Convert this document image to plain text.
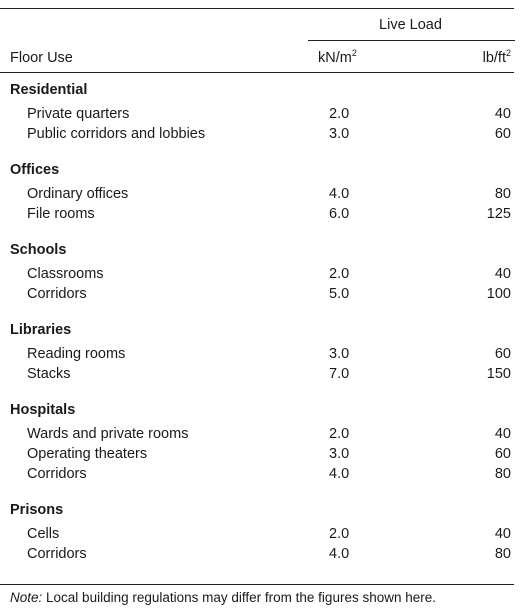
Live Load
Floor Use	$kN/m^2$	$lb/ft^2$
Residential
Private quarters	2.0	40
Public corridors and lobbies	3.0	60
Offices
Ordinary offices	4.0	80
File rooms	6.0	125
Schools
Classrooms	2.0	40
Corridors	5.0	100
Libraries
Reading rooms	3.0	60
Stacks	7.0	150
Hospitals
Wards and private rooms	2.0	40
Operating theaters	3.0	60
Corridors	4.0	80
Prisons
Cells	2.0	40
Corridors	4.0	80
Note: Local building regulations may differ from the figures shown here.
